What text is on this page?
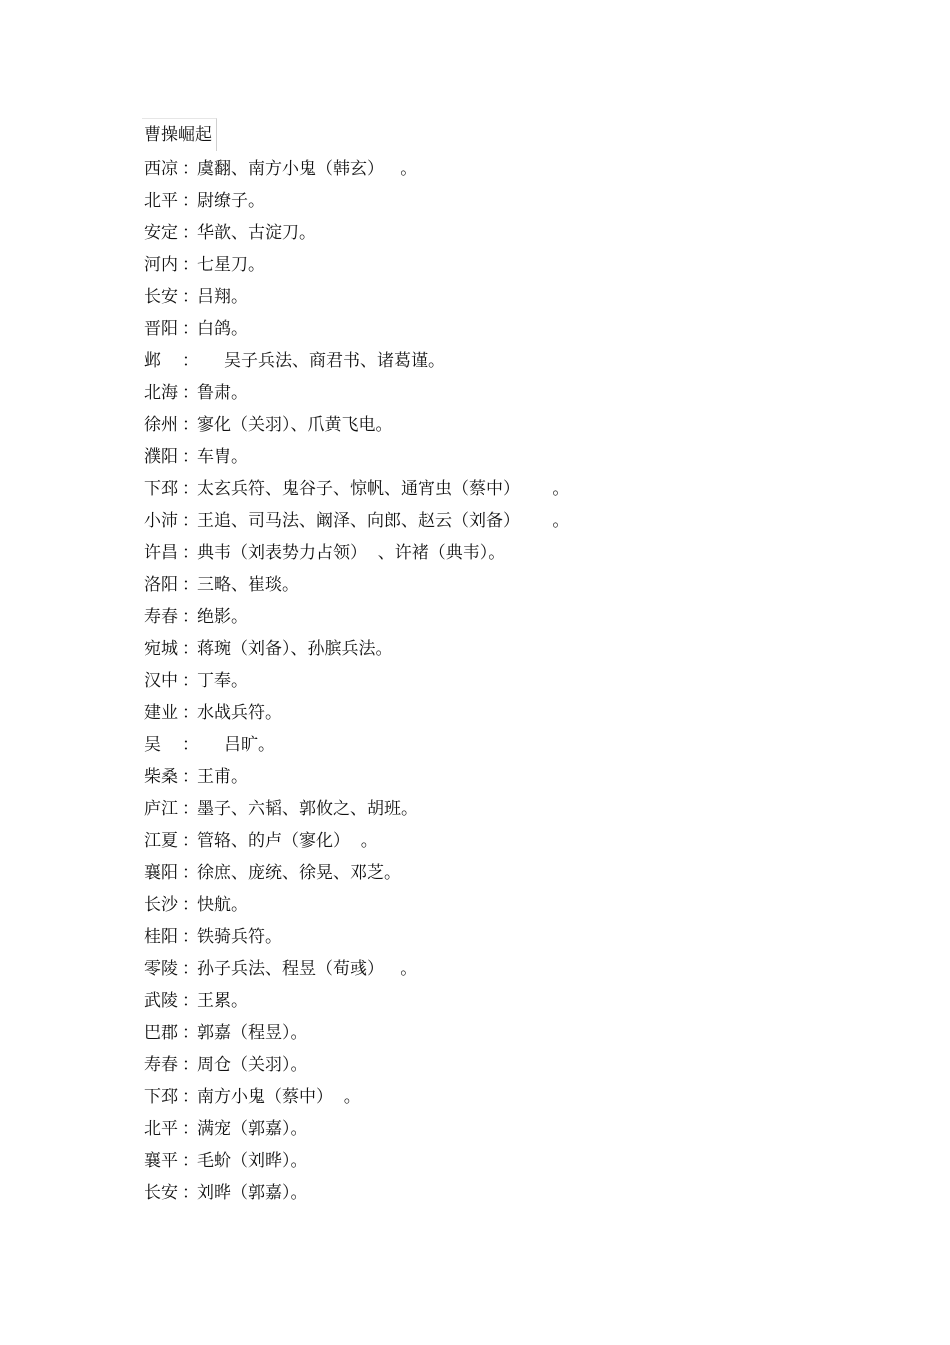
曹操崛起
西凉 ：虞翻、南方小鬼（韩玄）   。
北平 ：尉缭子。
安定 ：华歆、古淀刀。
河内 ：七星刀。
长安 ：吕翔。
晋阳 ：白鸽。
邺 ：     吴子兵法、商君书、诸葛谨。
北海 ：鲁肃。
徐州 ：寥化（关羽）、爪黄飞电。
濮阳 ：车胄。
下邳 ：太玄兵符、鬼谷子、惊帆、通宵虫（蔡中）      。
小沛 ：王追、司马法、阚泽、向郎、赵云（刘备）      。
许昌 ：典韦（刘表势力占领）  、许褚（典韦）。
洛阳 ：三略、崔琰。
寿春 ：绝影。
宛城 ：蒋琬（刘备）、孙膑兵法。
汉中 ：丁奉。
建业 ：水战兵符。
吴 ：     吕旷。
柴桑 ：王甫。
庐江 ：墨子、六韬、郭攸之、胡班。
江夏 ：管辂、的卢（寥化）  。
襄阳 ：徐庶、庞统、徐晃、邓芝。
长沙 ：快航。
桂阳 ：铁骑兵符。
零陵 ：孙子兵法、程昱（荀彧）   。
武陵 ：王累。
巴郡 ：郭嘉（程昱）。
寿春 ：周仓（关羽）。
下邳 ：南方小鬼（蔡中）  。
北平 ：满宠（郭嘉）。
襄平 ：毛蚧（刘晔）。
长安 ：刘晔（郭嘉）。
